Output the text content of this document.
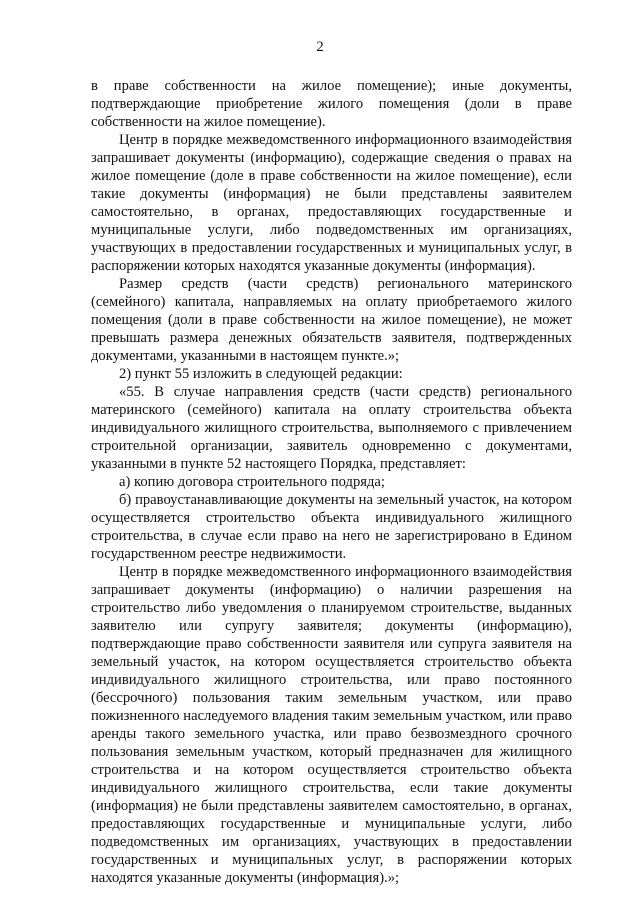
2

в праве собственности на жилое помещение); иные документы, подтверждающие приобретение жилого помещения (доли в праве собственности на жилое помещение).

Центр в порядке межведомственного информационного взаимодействия запрашивает документы (информацию), содержащие сведения о правах на жилое помещение (доле в праве собственности на жилое помещение), если такие документы (информация) не были представлены заявителем самостоятельно, в органах, предоставляющих государственные и муниципальные услуги, либо подведомственных им организациях, участвующих в предоставлении государственных и муниципальных услуг, в распоряжении которых находятся указанные документы (информация).

Размер средств (части средств) регионального материнского (семейного) капитала, направляемых на оплату приобретаемого жилого помещения (доли в праве собственности на жилое помещение), не может превышать размера денежных обязательств заявителя, подтвержденных документами, указанными в настоящем пункте.»;

2) пункт 55 изложить в следующей редакции:

«55. В случае направления средств (части средств) регионального материнского (семейного) капитала на оплату строительства объекта индивидуального жилищного строительства, выполняемого с привлечением строительной организации, заявитель одновременно с документами, указанными в пункте 52 настоящего Порядка, представляет:

а) копию договора строительного подряда;

б) правоустанавливающие документы на земельный участок, на котором осуществляется строительство объекта индивидуального жилищного строительства, в случае если право на него не зарегистрировано в Едином государственном реестре недвижимости.

Центр в порядке межведомственного информационного взаимодействия запрашивает документы (информацию) о наличии разрешения на строительство либо уведомления о планируемом строительстве, выданных заявителю или супругу заявителя; документы (информацию), подтверждающие право собственности заявителя или супруга заявителя на земельный участок, на котором осуществляется строительство объекта индивидуального жилищного строительства, или право постоянного (бессрочного) пользования таким земельным участком, или право пожизненного наследуемого владения таким земельным участком, или право аренды такого земельного участка, или право безвозмездного срочного пользования земельным участком, который предназначен для жилищного строительства и на котором осуществляется строительство объекта индивидуального жилищного строительства, если такие документы (информация) не были представлены заявителем самостоятельно, в органах, предоставляющих государственные и муниципальные услуги, либо подведомственных им организациях, участвующих в предоставлении государственных и муниципальных услуг, в распоряжении которых находятся указанные документы (информация).»;
